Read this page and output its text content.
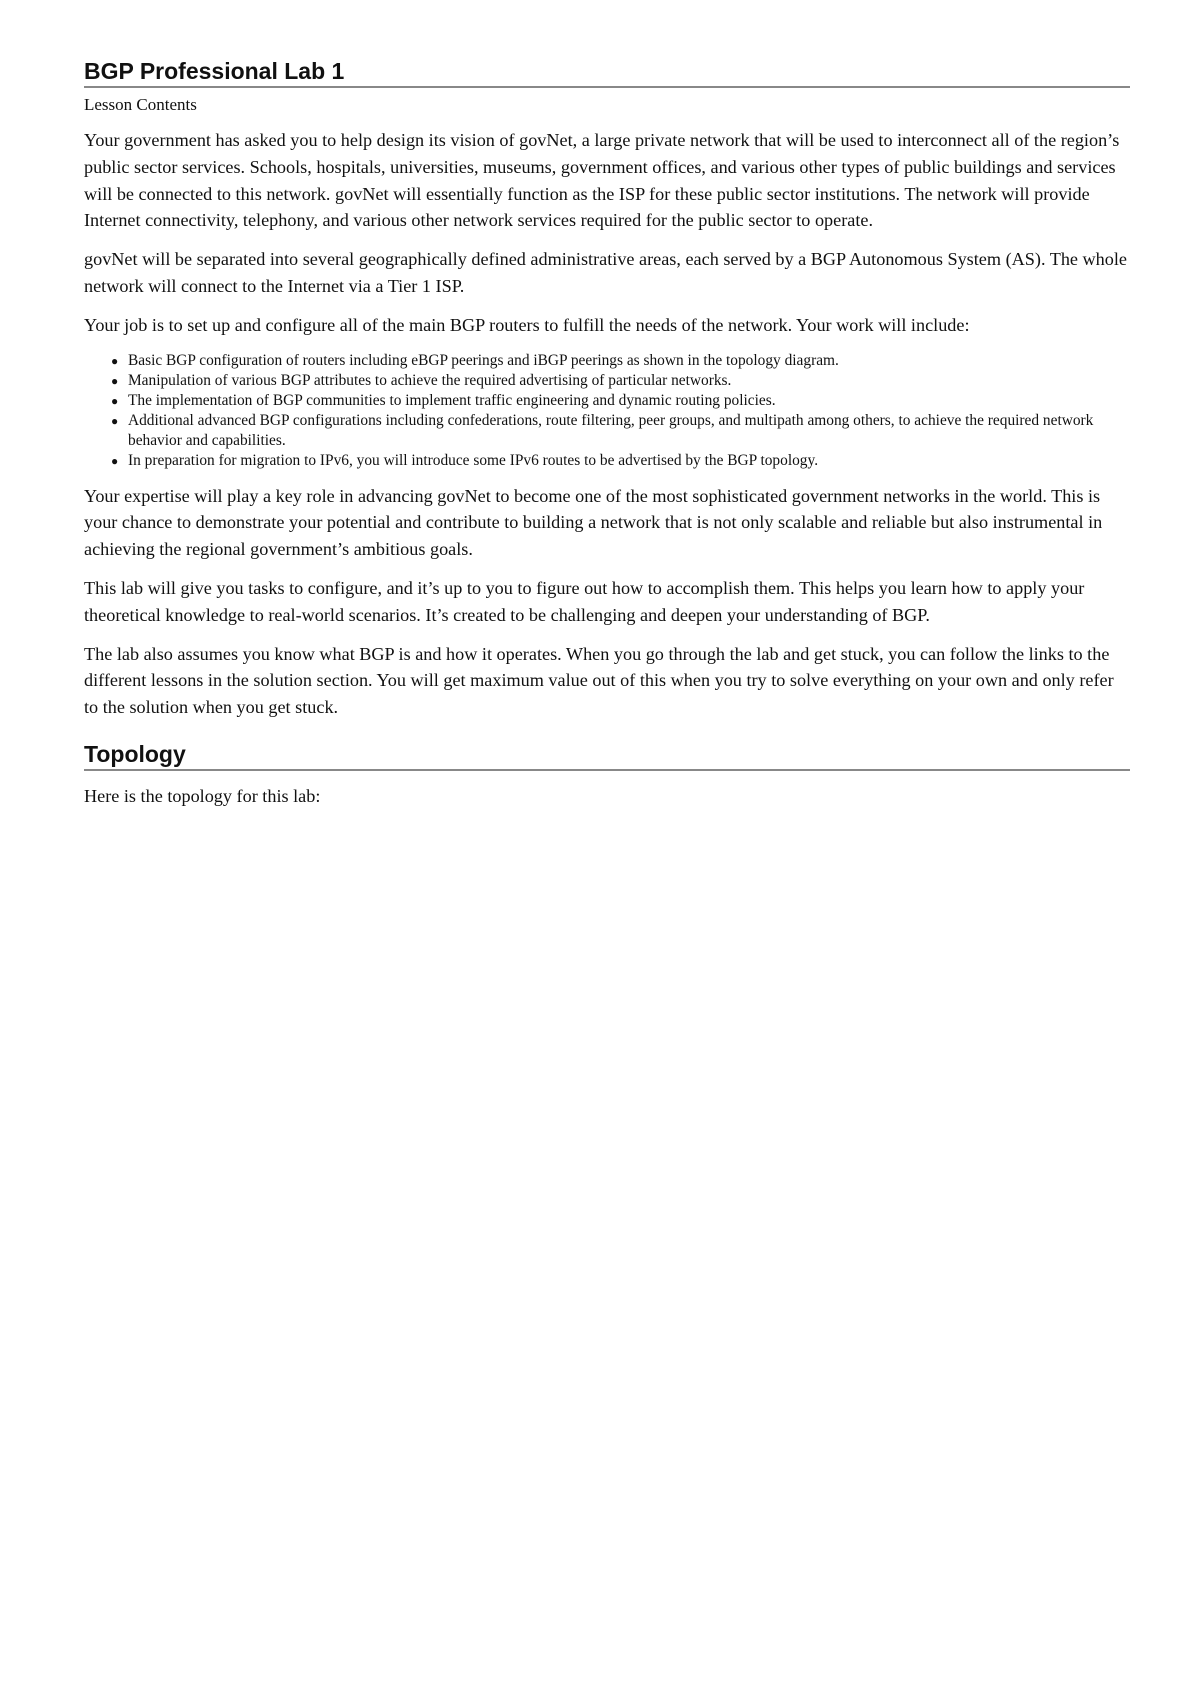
BGP Professional Lab 1

Lesson Contents

Your government has asked you to help design its vision of govNet, a large private network that will be used to interconnect all of the region’s public sector services. Schools, hospitals, universities, museums, government offices, and various other types of public buildings and services will be connected to this network. govNet will essentially function as the ISP for these public sector institutions. The network will provide Internet connectivity, telephony, and various other network services required for the public sector to operate.

govNet will be separated into several geographically defined administrative areas, each served by a BGP Autonomous System (AS). The whole network will connect to the Internet via a Tier 1 ISP.

Your job is to set up and configure all of the main BGP routers to fulfill the needs of the network. Your work will include:

● Basic BGP configuration of routers including eBGP peerings and iBGP peerings as shown in the topology diagram.
● Manipulation of various BGP attributes to achieve the required advertising of particular networks.
● The implementation of BGP communities to implement traffic engineering and dynamic routing policies.
● Additional advanced BGP configurations including confederations, route filtering, peer groups, and multipath among others, to achieve the required network behavior and capabilities.
● In preparation for migration to IPv6, you will introduce some IPv6 routes to be advertised by the BGP topology.

Your expertise will play a key role in advancing govNet to become one of the most sophisticated government networks in the world. This is your chance to demonstrate your potential and contribute to building a network that is not only scalable and reliable but also instrumental in achieving the regional government’s ambitious goals.

This lab will give you tasks to configure, and it’s up to you to figure out how to accomplish them. This helps you learn how to apply your theoretical knowledge to real-world scenarios. It’s created to be challenging and deepen your understanding of BGP.

The lab also assumes you know what BGP is and how it operates. When you go through the lab and get stuck, you can follow the links to the different lessons in the solution section. You will get maximum value out of this when you try to solve everything on your own and only refer to the solution when you get stuck.

Topology

Here is the topology for this lab:
